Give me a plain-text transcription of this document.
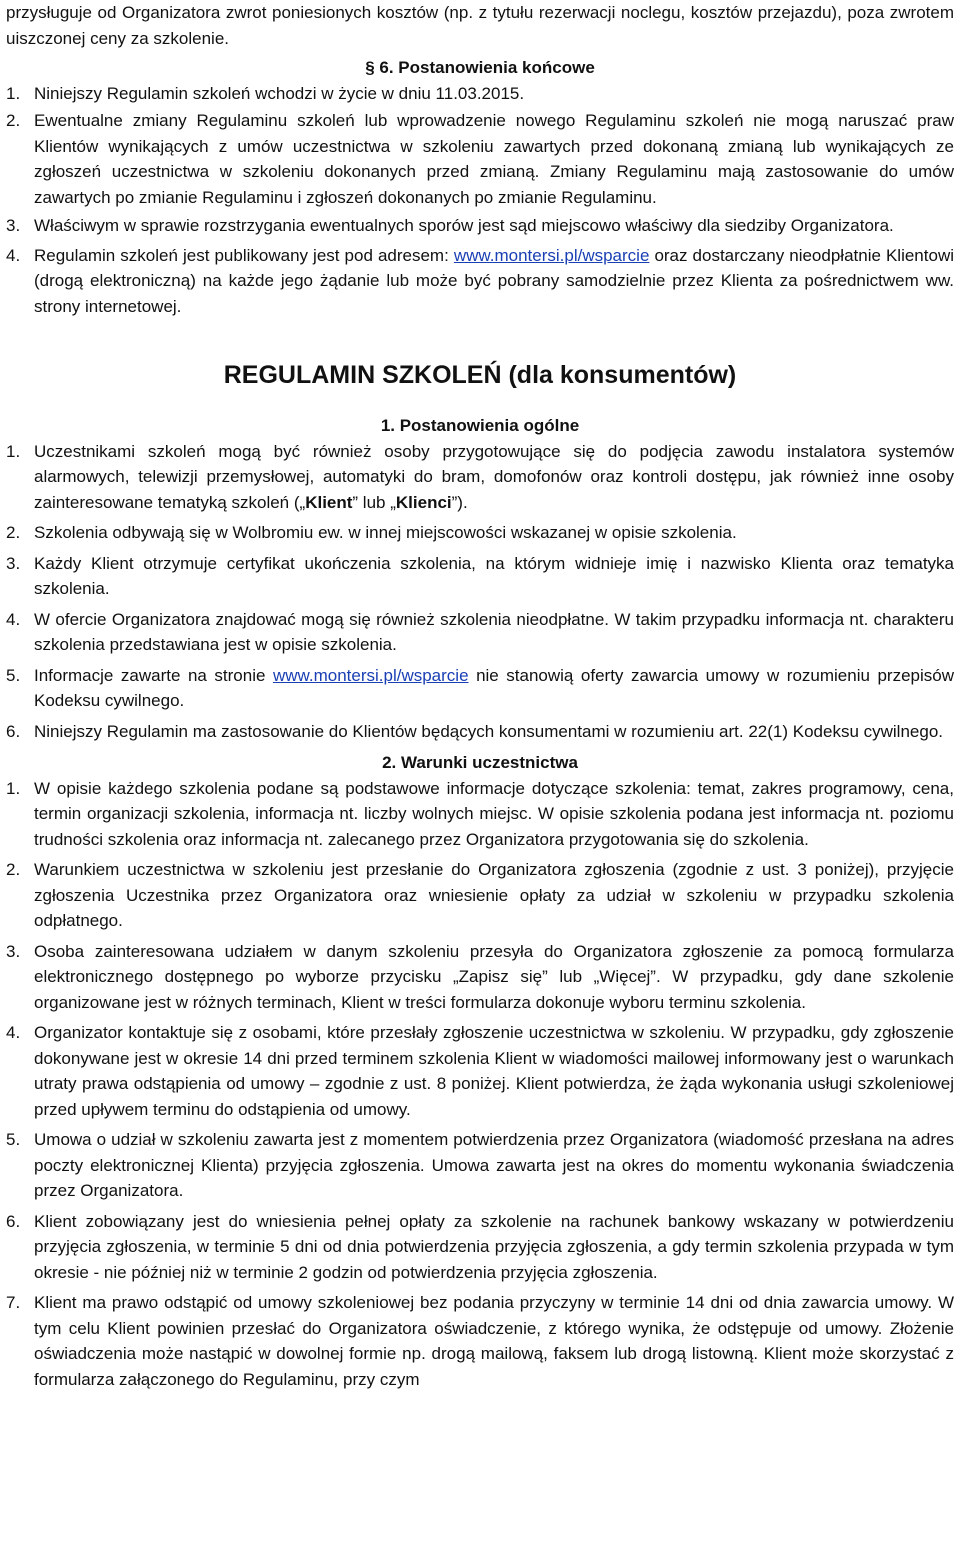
przysługuje od Organizatora zwrot poniesionych kosztów (np. z tytułu rezerwacji noclegu, kosztów przejazdu), poza zwrotem uiszczonej ceny za szkolenie.

§ 6. Postanowienia końcowe

1. Niniejszy Regulamin szkoleń wchodzi w życie w dniu 11.03.2015.
2. Ewentualne zmiany Regulaminu szkoleń lub wprowadzenie nowego Regulaminu szkoleń nie mogą naruszać praw Klientów wynikających z umów uczestnictwa w szkoleniu zawartych przed dokonaną zmianą lub wynikających ze zgłoszeń uczestnictwa w szkoleniu dokonanych przed zmianą. Zmiany Regulaminu mają zastosowanie do umów zawartych po zmianie Regulaminu i zgłoszeń dokonanych po zmianie Regulaminu.
3. Właściwym w sprawie rozstrzygania ewentualnych sporów jest sąd miejscowo właściwy dla siedziby Organizatora.
4. Regulamin szkoleń jest publikowany jest pod adresem: www.montersi.pl/wsparcie oraz dostarczany nieodpłatnie Klientowi (drogą elektroniczną) na każde jego żądanie lub może być pobrany samodzielnie przez Klienta za pośrednictwem ww. strony internetowej.
REGULAMIN SZKOLEŃ (dla konsumentów)

1. Postanowienia ogólne

1. Uczestnikami szkoleń mogą być również osoby przygotowujące się do podjęcia zawodu instalatora systemów alarmowych, telewizji przemysłowej, automatyki do bram, domofonów oraz kontroli dostępu, jak również inne osoby zainteresowane tematyką szkoleń („Klient” lub „Klienci”).
2. Szkolenia odbywają się w Wolbromiu ew. w innej miejscowości wskazanej w opisie szkolenia.
3. Każdy Klient otrzymuje certyfikat ukończenia szkolenia, na którym widnieje imię i nazwisko Klienta oraz tematyka szkolenia.
4. W ofercie Organizatora znajdować mogą się również szkolenia nieodpłatne. W takim przypadku informacja nt. charakteru szkolenia przedstawiana jest w opisie szkolenia.
5. Informacje zawarte na stronie www.montersi.pl/wsparcie nie stanowią oferty zawarcia umowy w rozumieniu przepisów Kodeksu cywilnego.
6. Niniejszy Regulamin ma zastosowanie do Klientów będących konsumentami w rozumieniu art. 22(1) Kodeksu cywilnego.

2. Warunki uczestnictwa

1. W opisie każdego szkolenia podane są podstawowe informacje dotyczące szkolenia: temat, zakres programowy, cena, termin organizacji szkolenia, informacja nt. liczby wolnych miejsc. W opisie szkolenia podana jest informacja nt. poziomu trudności szkolenia oraz informacja nt. zalecanego przez Organizatora przygotowania się do szkolenia.
2. Warunkiem uczestnictwa w szkoleniu jest przesłanie do Organizatora zgłoszenia (zgodnie z ust. 3 poniżej), przyjęcie zgłoszenia Uczestnika przez Organizatora oraz wniesienie opłaty za udział w szkoleniu w przypadku szkolenia odpłatnego.
3. Osoba zainteresowana udziałem w danym szkoleniu przesyła do Organizatora zgłoszenie za pomocą formularza elektronicznego dostępnego po wyborze przycisku „Zapisz się” lub „Więcej”. W przypadku, gdy dane szkolenie organizowane jest w różnych terminach, Klient w treści formularza dokonuje wyboru terminu szkolenia.
4. Organizator kontaktuje się z osobami, które przesłały zgłoszenie uczestnictwa w szkoleniu. W przypadku, gdy zgłoszenie dokonywane jest w okresie 14 dni przed terminem szkolenia Klient w wiadomości mailowej informowany jest o warunkach utraty prawa odstąpienia od umowy – zgodnie z ust. 8 poniżej. Klient potwierdza, że żąda wykonania usługi szkoleniowej przed upływem terminu do odstąpienia od umowy.
5. Umowa o udział w szkoleniu zawarta jest z momentem potwierdzenia przez Organizatora (wiadomość przesłana na adres poczty elektronicznej Klienta) przyjęcia zgłoszenia. Umowa zawarta jest na okres do momentu wykonania świadczenia przez Organizatora.
6. Klient zobowiązany jest do wniesienia pełnej opłaty za szkolenie na rachunek bankowy wskazany w potwierdzeniu przyjęcia zgłoszenia, w terminie 5 dni od dnia potwierdzenia przyjęcia zgłoszenia, a gdy termin szkolenia przypada w tym okresie - nie później niż w terminie 2 godzin od potwierdzenia przyjęcia zgłoszenia.
7. Klient ma prawo odstąpić od umowy szkoleniowej bez podania przyczyny w terminie 14 dni od dnia zawarcia umowy. W tym celu Klient powinien przesłać do Organizatora oświadczenie, z którego wynika, że odstępuje od umowy. Złożenie oświadczenia może nastąpić w dowolnej formie np. drogą mailową, faksem lub drogą listowną. Klient może skorzystać z formularza załączonego do Regulaminu, przy czym
